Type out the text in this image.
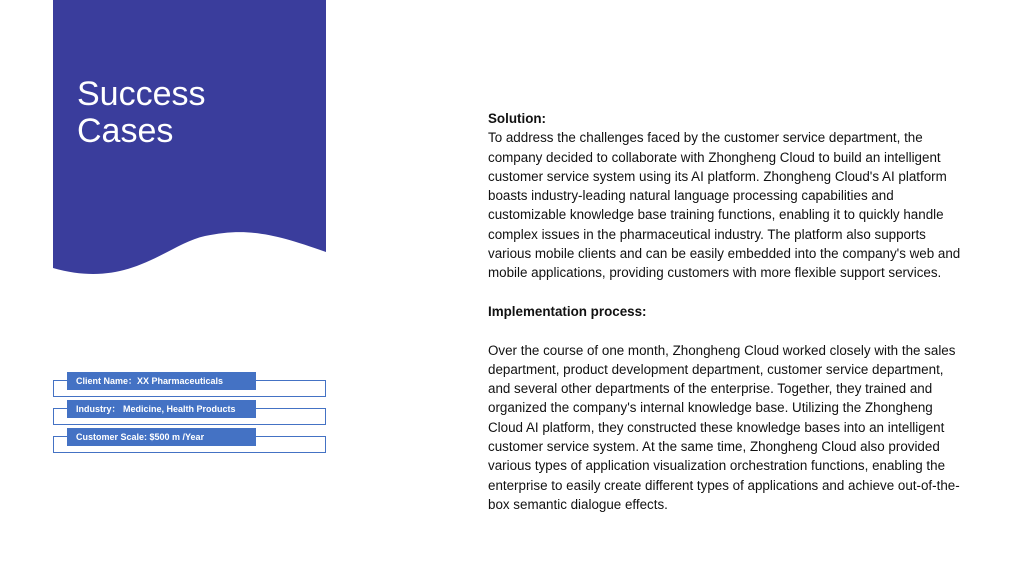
Success
Cases
Client Name：XX Pharmaceuticals
Industry： Medicine, Health Products
Customer Scale: $500 m /Year

Solution:

To address the challenges faced by the customer service department, the company decided to collaborate with Zhongheng Cloud to build an intelligent customer service system using its AI platform. Zhongheng Cloud's AI platform boasts industry-leading natural language processing capabilities and customizable knowledge base training functions, enabling it to quickly handle complex issues in the pharmaceutical industry. The platform also supports various mobile clients and can be easily embedded into the company's web and mobile applications, providing customers with more flexible support services.

Implementation process:

Over the course of one month, Zhongheng Cloud worked closely with the sales department, product development department, customer service department, and several other departments of the enterprise. Together, they trained and organized the company's internal knowledge base. Utilizing the Zhongheng Cloud AI platform, they constructed these knowledge bases into an intelligent customer service system. At the same time, Zhongheng Cloud also provided various types of application visualization orchestration functions, enabling the enterprise to easily create different types of applications and achieve out-of-the-box semantic dialogue effects.
